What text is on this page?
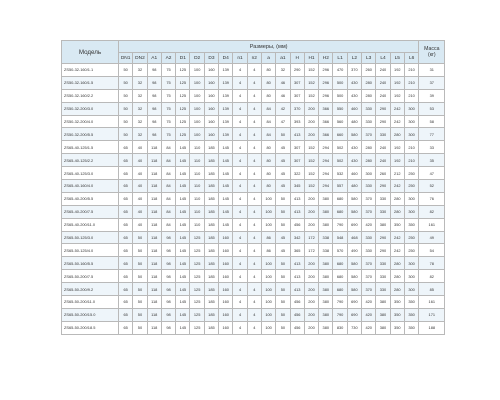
Модель	Размеры, (мм)																					Масса
(кг)
	DN1	DN2	A1	A2	D1	D2	D3	D4	n1	n2	a	a1	H	H1	H2	L1	L2	L3	L4	L5	L6	
ZS50-32-160/1.1	50	32	98	75	125	100	160	139	4	4	80	32	290	152	296	470	370	260	240	192	210	31
ZS50-32-160/1.5	50	32	98	75	125	100	160	139	4	4	80	46	307	152	296	500	430	280	240	192	210	37
ZS50-32-160/2.2	50	32	98	75	125	100	160	139	4	4	80	46	307	152	296	500	430	280	240	192	210	39
ZS50-32-200/3.0	50	32	98	75	125	100	160	139	4	4	84	42	370	200	366	550	460	330	290	242	300	53
ZS50-32-200/4.0	50	32	98	75	125	100	160	139	4	4	84	47	393	200	366	560	480	330	290	242	300	58
ZS50-32-200/5.5	50	32	98	75	125	100	160	139	4	4	84	50	413	200	366	660	580	370	330	280	300	77
ZS65-40-125/1.5	65	40	118	84	145	110	185	145	4	4	80	45	307	152	294	502	430	280	240	192	210	33
ZS65-40-125/2.2	65	40	118	84	145	110	185	145	4	4	80	45	307	152	294	502	430	280	240	192	210	35
ZS65-40-125/3.0	65	40	118	84	145	110	185	145	4	4	80	45	322	152	294	532	460	300	260	212	250	47
ZS65-40-160/4.0	65	40	118	84	145	110	185	145	4	4	80	45	345	152	294	557	480	330	290	242	250	52
ZS65-40-200/5.5	65	40	118	84	145	110	185	145	4	4	100	50	413	200	380	680	580	370	330	280	300	76
ZS65-40-200/7.5	65	40	118	84	145	110	185	145	4	4	100	50	413	200	380	680	580	370	330	280	300	82
ZS65-40-200/11.0	65	40	118	84	145	110	185	145	4	4	100	50	456	200	380	790	690	420	380	350	350	161
ZS65-50-125/3.0	65	50	118	98	145	125	185	160	4	4	86	45	342	172	338	548	468	330	290	242	250	49
ZS65-50-125/4.0	65	50	118	98	145	125	185	160	4	4	86	45	365	172	338	570	490	330	290	242	250	54
ZS65-50-160/5.5	65	50	118	98	145	125	185	160	4	4	100	50	413	200	380	680	580	370	330	280	300	78
ZS65-50-200/7.5	65	50	118	98	145	125	185	160	4	4	100	50	413	200	380	680	580	370	330	280	300	82
ZS65-50-200/9.2	65	50	118	98	145	125	185	160	4	4	100	50	413	200	380	680	580	370	330	280	300	85
ZS65-50-200/11.0	65	50	118	98	145	125	185	160	4	4	100	50	456	200	380	790	690	420	380	350	350	161
ZS65-50-200/15.0	65	50	118	98	145	125	185	160	4	4	100	50	456	200	380	790	690	420	380	350	350	171
ZS65-50-200/18.5	65	50	118	98	145	125	185	160	4	4	100	50	456	200	380	830	730	420	380	350	350	188
